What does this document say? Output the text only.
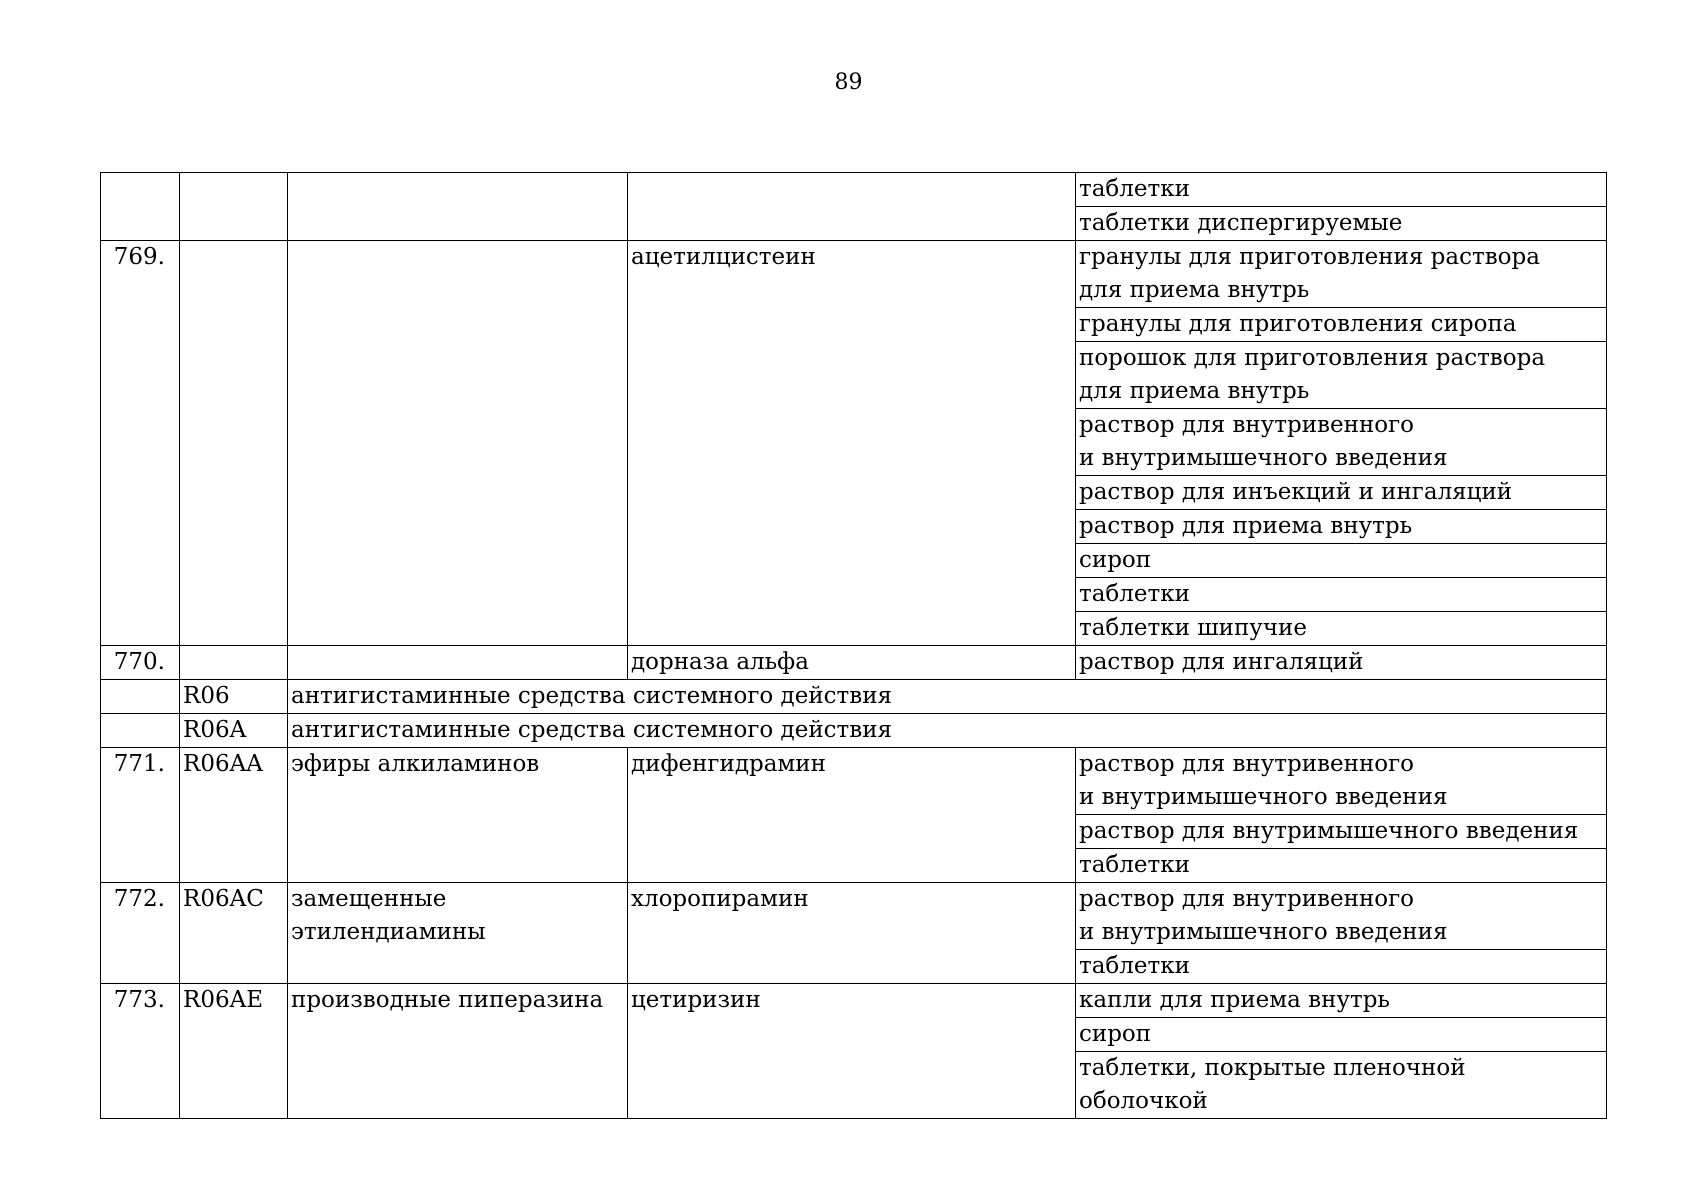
89
				таблетки
				таблетки диспергируемые
769.			ацетилцистеин	гранулы для приготовления раствора
для приема внутрь
				гранулы для приготовления сиропа
				порошок для приготовления раствора
для приема внутрь
				раствор для внутривенного
и внутримышечного введения
				раствор для инъекций и ингаляций
				раствор для приема внутрь
				сироп
				таблетки
				таблетки шипучие
770.			дорназа альфа	раствор для ингаляций
	R06	антигистаминные средства системного действия		
	R06A	антигистаминные средства системного действия		
771.	R06AA	эфиры алкиламинов	дифенгидрамин	раствор для внутривенного
и внутримышечного введения
				раствор для внутримышечного введения
				таблетки
772.	R06AC	замещенные
этилендиамины	хлоропирамин	раствор для внутривенного
и внутримышечного введения
				таблетки
773.	R06AE	производные пиперазина	цетиризин	капли для приема внутрь
				сироп
				таблетки, покрытые пленочной
оболочкой
